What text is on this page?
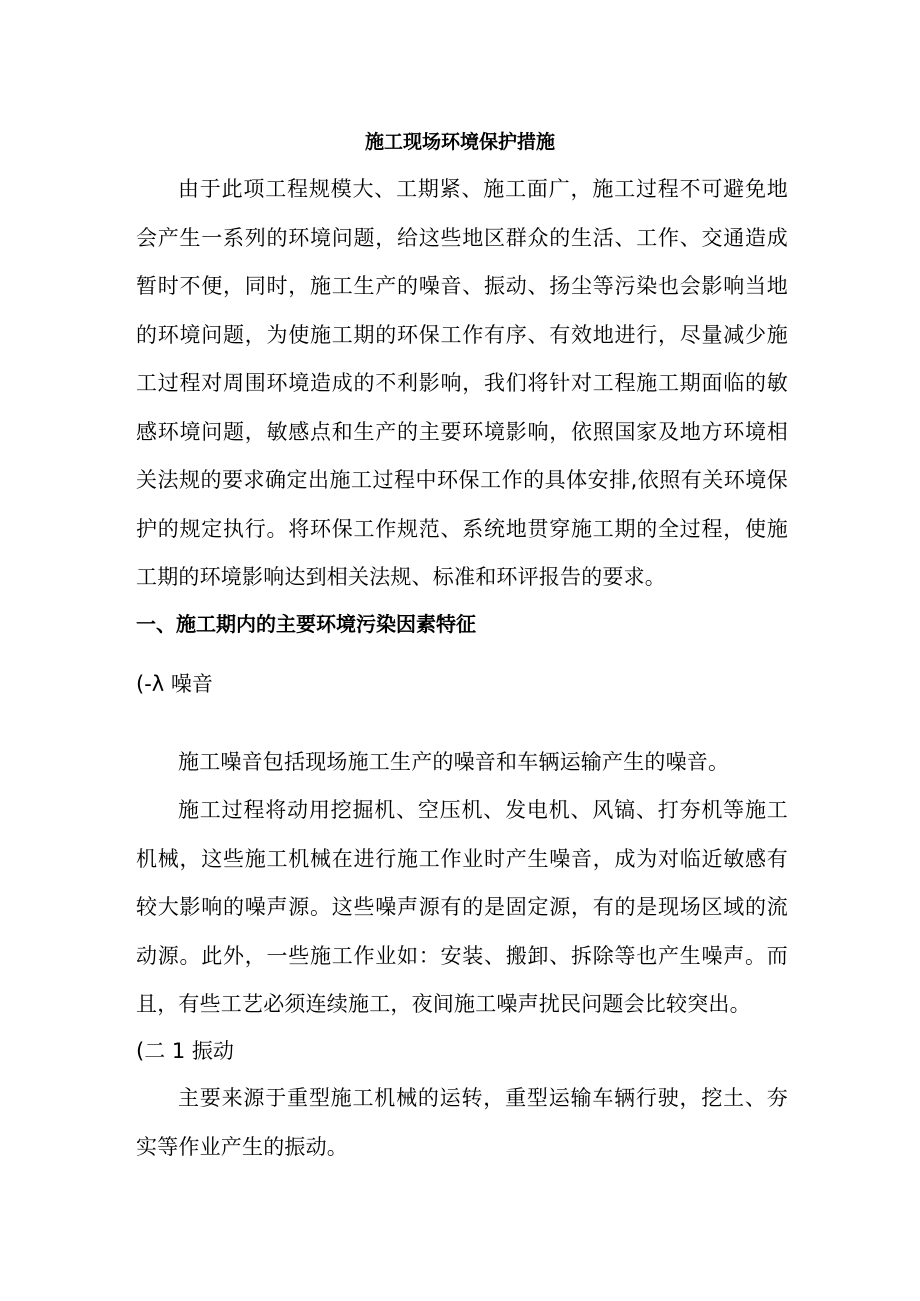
施工现场环境保护措施

由于此项工程规模大、工期紧、施工面广，施工过程不可避免地会产生一系列的环境问题，给这些地区群众的生活、工作、交通造成暂时不便，同时，施工生产的噪音、振动、扬尘等污染也会影响当地的环境问题，为使施工期的环保工作有序、有效地进行，尽量减少施工过程对周围环境造成的不利影响，我们将针对工程施工期面临的敏感环境问题，敏感点和生产的主要环境影响，依照国家及地方环境相关法规的要求确定出施工过程中环保工作的具体安排,依照有关环境保护的规定执行。将环保工作规范、系统地贯穿施工期的全过程，使施工期的环境影响达到相关法规、标准和环评报告的要求。

一、施工期内的主要环境污染因素特征
(-λ 噪音

施工噪音包括现场施工生产的噪音和车辆运输产生的噪音。

施工过程将动用挖掘机、空压机、发电机、风镐、打夯机等施工机械，这些施工机械在进行施工作业时产生噪音，成为对临近敏感有较大影响的噪声源。这些噪声源有的是固定源，有的是现场区域的流动源。此外，一些施工作业如：安装、搬卸、拆除等也产生噪声。而且，有些工艺必须连续施工，夜间施工噪声扰民问题会比较突出。

(二 1 振动

主要来源于重型施工机械的运转，重型运输车辆行驶，挖土、夯实等作业产生的振动。
